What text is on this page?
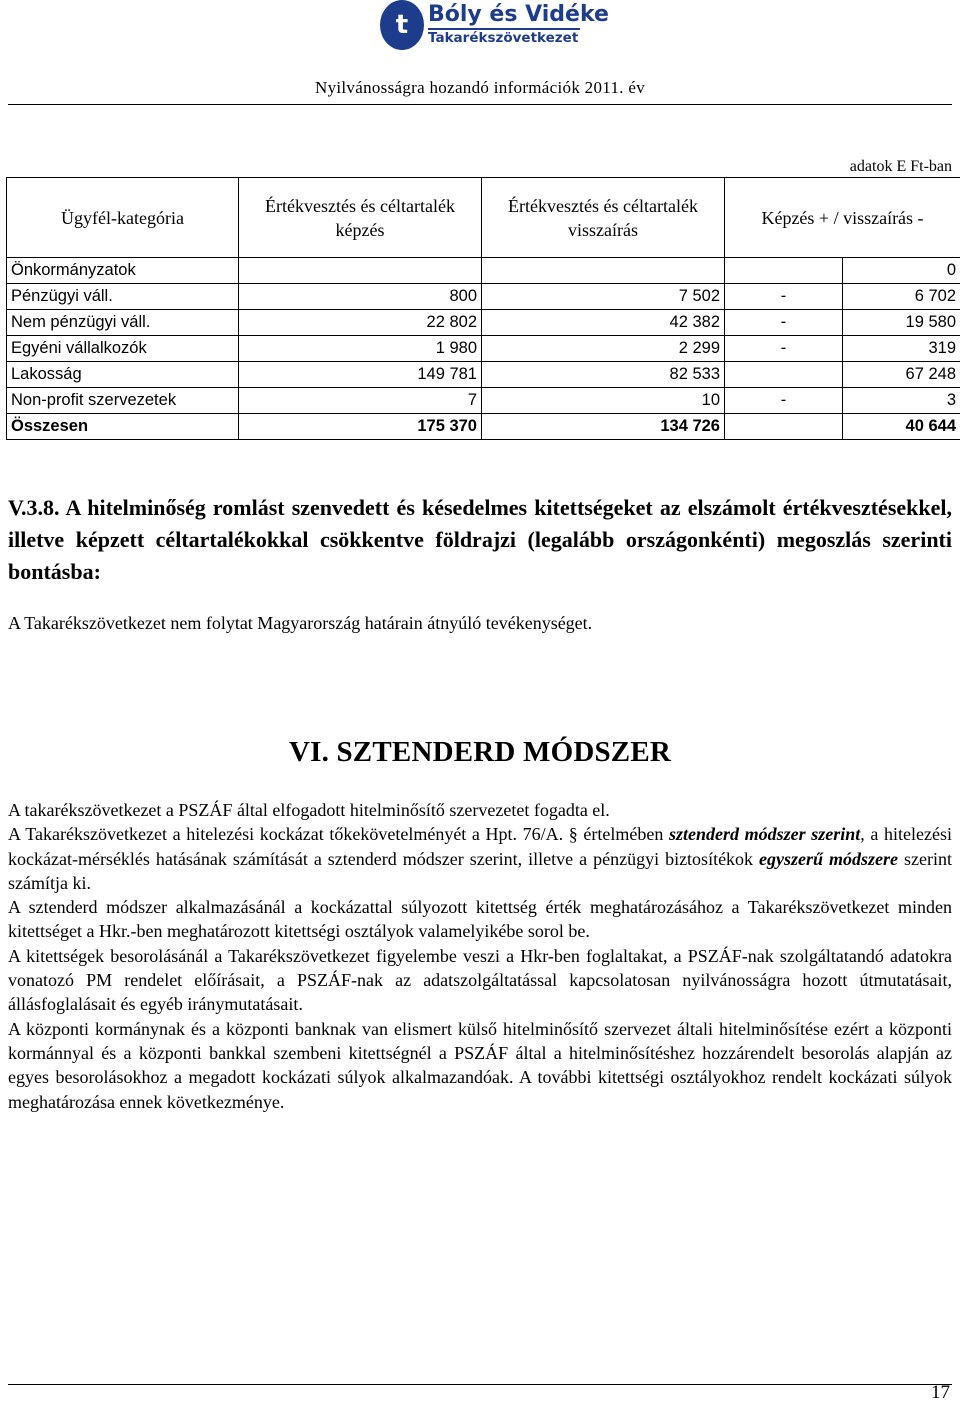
t Bóly és Vidéke
Takarékszövetkezet
Nyilvánosságra hozandó információk 2011. év
adatok E Ft-ban
Ügyfél-kategória	Értékvesztés és céltartalék képzés	Értékvesztés és céltartalék visszaírás	Képzés + / visszaírás -	
Önkormányzatok				0
Pénzügyi váll.	800	7 502	-	6 702
Nem pénzügyi váll.	22 802	42 382	-	19 580
Egyéni vállalkozók	1 980	2 299	-	319
Lakosság	149 781	82 533		67 248
Non-profit szervezetek	7	10	-	3
Összesen	175 370	134 726		40 644
V.3.8. A hitelminőség romlást szenvedett és késedelmes kitettségeket az elszámolt értékvesztésekkel, illetve képzett céltartalékokkal csökkentve földrajzi (legalább országonkénti) megoszlás szerinti bontásba:
A Takarékszövetkezet nem folytat Magyarország határain átnyúló tevékenységet.
VI. SZTENDERD MÓDSZER

A takarékszövetkezet a PSZÁF által elfogadott hitelminősítő szervezetet fogadta el.

A Takarékszövetkezet a hitelezési kockázat tőkekövetelményét a Hpt. 76/A. § értelmében sztenderd módszer szerint, a hitelezési kockázat-mérséklés hatásának számítását a sztenderd módszer szerint, illetve a pénzügyi biztosítékok egyszerű módszere szerint számítja ki.

A sztenderd módszer alkalmazásánál a kockázattal súlyozott kitettség érték meghatározásához a Takarékszövetkezet minden kitettséget a Hkr.-ben meghatározott kitettségi osztályok valamelyikébe sorol be.

A kitettségek besorolásánál a Takarékszövetkezet figyelembe veszi a Hkr-ben foglaltakat, a PSZÁF-nak szolgáltatandó adatokra vonatozó PM rendelet előírásait, a PSZÁF-nak az adatszolgáltatással kapcsolatosan nyilvánosságra hozott útmutatásait, állásfoglalásait és egyéb iránymutatásait.

A központi kormánynak és a központi banknak van elismert külső hitelminősítő szervezet általi hitelminősítése ezért a központi kormánnyal és a központi bankkal szembeni kitettségnél a PSZÁF által a hitelminősítéshez hozzárendelt besorolás alapján az egyes besorolásokhoz a megadott kockázati súlyok alkalmazandóak. A további kitettségi osztályokhoz rendelt kockázati súlyok meghatározása ennek következménye.

17
